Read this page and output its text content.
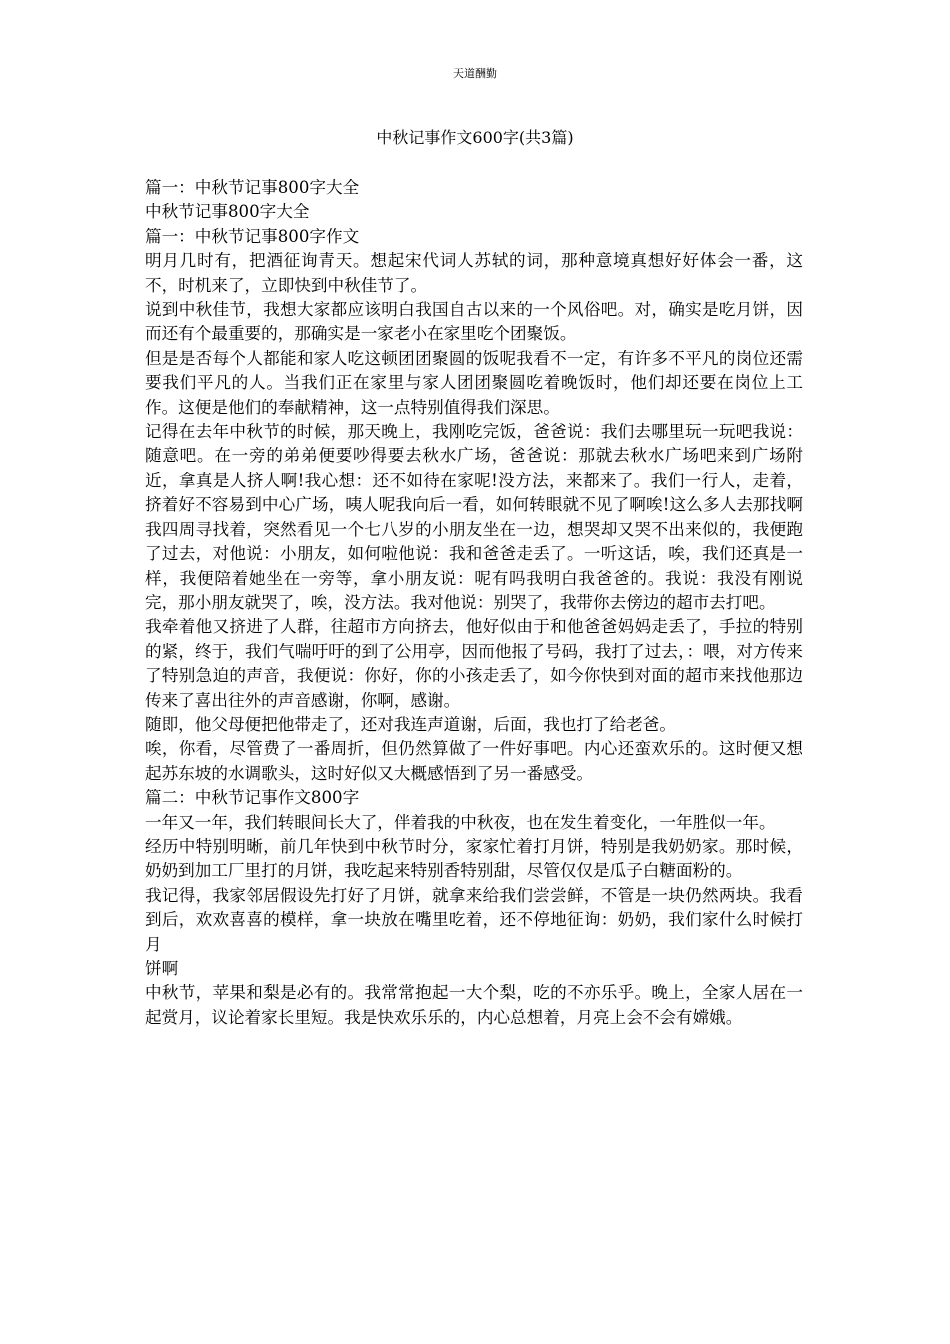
天道酬勤
中秋记事作文600字(共3篇)

篇一：中秋节记事800字大全

中秋节记事800字大全

篇一：中秋节记事800字作文

明月几时有，把酒征询青天。想起宋代词人苏轼的词，那种意境真想好好体会一番，这不，时机来了，立即快到中秋佳节了。

说到中秋佳节，我想大家都应该明白我国自古以来的一个风俗吧。对，确实是吃月饼，因而还有个最重要的，那确实是一家老小在家里吃个团聚饭。

但是是否每个人都能和家人吃这顿团团聚圆的饭呢我看不一定，有许多不平凡的岗位还需要我们平凡的人。当我们正在家里与家人团团聚圆吃着晚饭时，他们却还要在岗位上工作。这便是他们的奉献精神，这一点特别值得我们深思。

记得在去年中秋节的时候，那天晚上，我刚吃完饭，爸爸说：我们去哪里玩一玩吧我说：随意吧。在一旁的弟弟便要吵得要去秋水广场，爸爸说：那就去秋水广场吧来到广场附近，拿真是人挤人啊!我心想：还不如待在家呢!没方法，来都来了。我们一行人，走着，挤着好不容易到中心广场，咦人呢我向后一看，如何转眼就不见了啊唉!这么多人去那找啊我四周寻找着，突然看见一个七八岁的小朋友坐在一边，想哭却又哭不出来似的，我便跑了过去，对他说：小朋友，如何啦他说：我和爸爸走丢了。一听这话，唉，我们还真是一样，我便陪着她坐在一旁等，拿小朋友说：呢有吗我明白我爸爸的。我说：我没有刚说完，那小朋友就哭了，唉，没方法。我对他说：别哭了，我带你去傍边的超市去打吧。

我牵着他又挤进了人群，往超市方向挤去，他好似由于和他爸爸妈妈走丢了，手拉的特别的紧，终于，我们气喘吁吁的到了公用亭，因而他报了号码，我打了过去，：喂，对方传来了特别急迫的声音，我便说：你好，你的小孩走丢了，如今你快到对面的超市来找他那边传来了喜出往外的声音感谢，你啊，感谢。

随即，他父母便把他带走了，还对我连声道谢，后面，我也打了给老爸。

唉，你看，尽管费了一番周折，但仍然算做了一件好事吧。内心还蛮欢乐的。这时便又想起苏东坡的水调歌头，这时好似又大概感悟到了另一番感受。

篇二：中秋节记事作文800字

一年又一年，我们转眼间长大了，伴着我的中秋夜，也在发生着变化，一年胜似一年。

经历中特别明晰，前几年快到中秋节时分，家家忙着打月饼，特别是我奶奶家。那时候，奶奶到加工厂里打的月饼，我吃起来特别香特别甜，尽管仅仅是瓜子白糖面粉的。

我记得，我家邻居假设先打好了月饼，就拿来给我们尝尝鲜，不管是一块仍然两块。我看到后，欢欢喜喜的模样，拿一块放在嘴里吃着，还不停地征询：奶奶，我们家什么时候打月

饼啊

中秋节，苹果和梨是必有的。我常常抱起一大个梨，吃的不亦乐乎。晚上，全家人居在一起赏月，议论着家长里短。我是快欢乐乐的，内心总想着，月亮上会不会有嫦娥。
